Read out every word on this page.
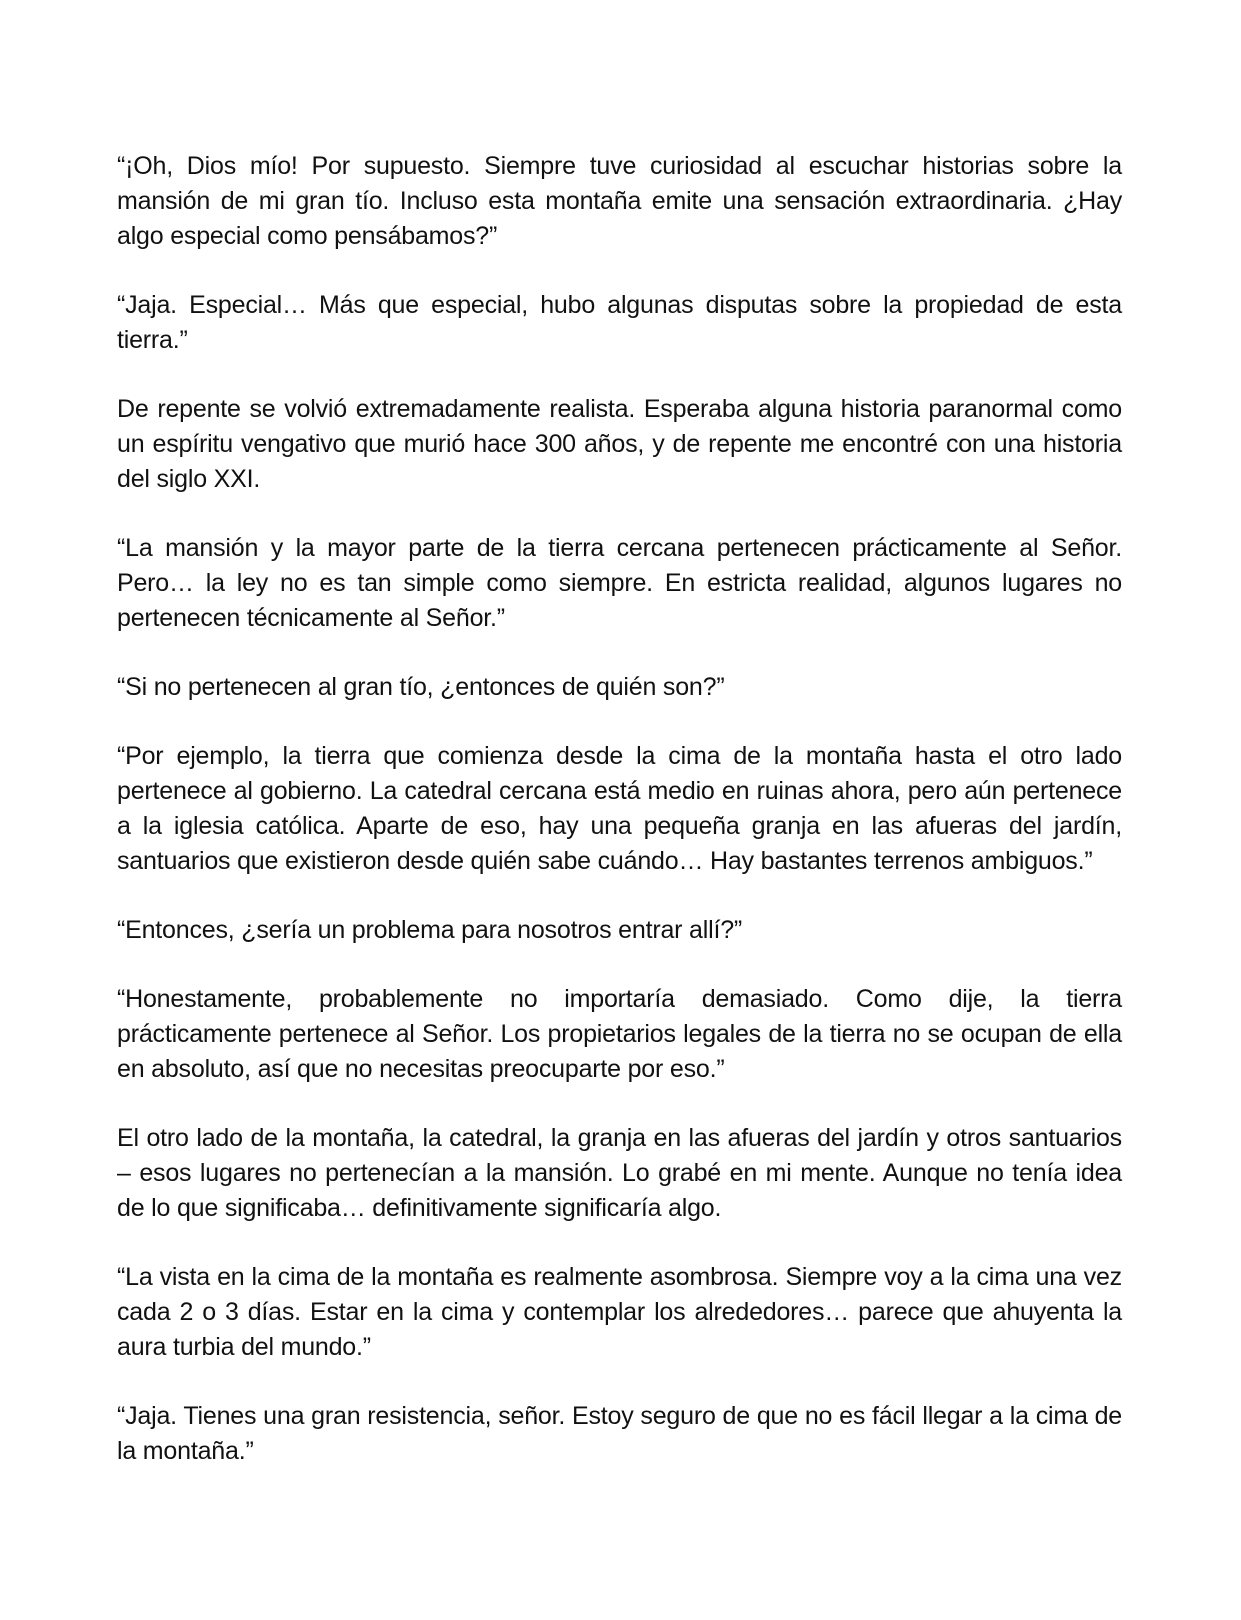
“¡Oh, Dios mío! Por supuesto. Siempre tuve curiosidad al escuchar historias sobre la mansión de mi gran tío. Incluso esta montaña emite una sensación extraordinaria. ¿Hay algo especial como pensábamos?”

“Jaja. Especial… Más que especial, hubo algunas disputas sobre la propiedad de esta tierra.”

De repente se volvió extremadamente realista. Esperaba alguna historia paranormal como un espíritu vengativo que murió hace 300 años, y de repente me encontré con una historia del siglo XXI.

“La mansión y la mayor parte de la tierra cercana pertenecen prácticamente al Señor. Pero… la ley no es tan simple como siempre. En estricta realidad, algunos lugares no pertenecen técnicamente al Señor.”

“Si no pertenecen al gran tío, ¿entonces de quién son?”

“Por ejemplo, la tierra que comienza desde la cima de la montaña hasta el otro lado pertenece al gobierno. La catedral cercana está medio en ruinas ahora, pero aún pertenece a la iglesia católica. Aparte de eso, hay una pequeña granja en las afueras del jardín, santuarios que existieron desde quién sabe cuándo… Hay bastantes terrenos ambiguos.”

“Entonces, ¿sería un problema para nosotros entrar allí?”

“Honestamente, probablemente no importaría demasiado. Como dije, la tierra prácticamente pertenece al Señor. Los propietarios legales de la tierra no se ocupan de ella en absoluto, así que no necesitas preocuparte por eso.”

El otro lado de la montaña, la catedral, la granja en las afueras del jardín y otros santuarios – esos lugares no pertenecían a la mansión. Lo grabé en mi mente. Aunque no tenía idea de lo que significaba… definitivamente significaría algo.

“La vista en la cima de la montaña es realmente asombrosa. Siempre voy a la cima una vez cada 2 o 3 días. Estar en la cima y contemplar los alrededores… parece que ahuyenta la aura turbia del mundo.”

“Jaja. Tienes una gran resistencia, señor. Estoy seguro de que no es fácil llegar a la cima de la montaña.”
